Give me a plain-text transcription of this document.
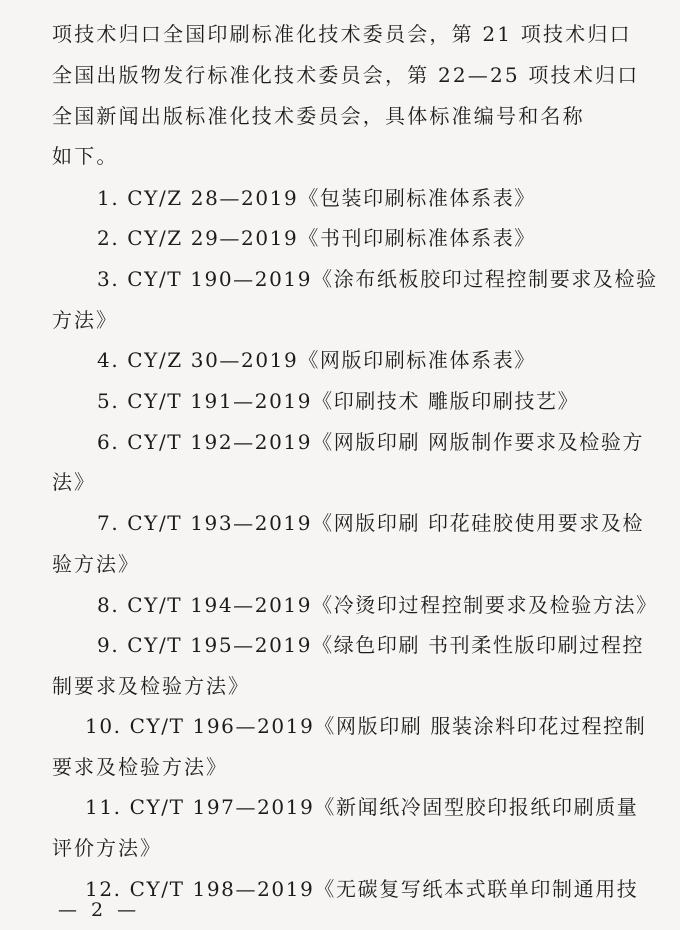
项技术归口全国印刷标准化技术委员会，第 21 项技术归口
全国出版物发行标准化技术委员会，第 22—25 项技术归口
全国新闻出版标准化技术委员会，具体标准编号和名称
如下。
1. CY/Z 28—2019《包装印刷标准体系表》
2. CY/Z 29—2019《书刊印刷标准体系表》
3. CY/T 190—2019《涂布纸板胶印过程控制要求及检验
方法》
4. CY/Z 30—2019《网版印刷标准体系表》
5. CY/T 191—2019《印刷技术 雕版印刷技艺》
6. CY/T 192—2019《网版印刷 网版制作要求及检验方
法》
7. CY/T 193—2019《网版印刷 印花硅胶使用要求及检
验方法》
8. CY/T 194—2019《冷烫印过程控制要求及检验方法》
9. CY/T 195—2019《绿色印刷 书刊柔性版印刷过程控
制要求及检验方法》
10. CY/T 196—2019《网版印刷 服装涂料印花过程控制
要求及检验方法》
11. CY/T 197—2019《新闻纸冷固型胶印报纸印刷质量
评价方法》
12. CY/T 198—2019《无碳复写纸本式联单印制通用技
— 2 —
